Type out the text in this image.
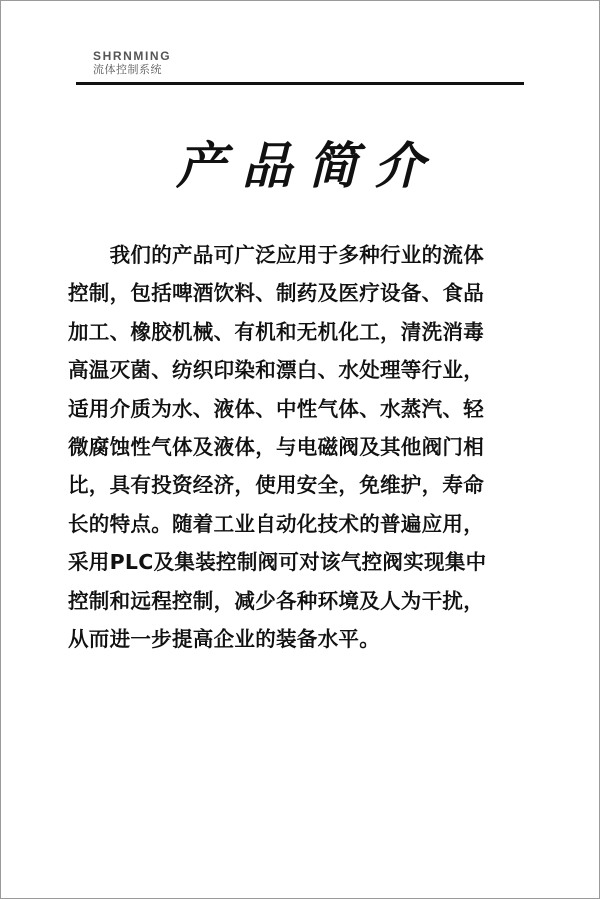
SHRNMING
流体控制系统
产品简介
　　我们的产品可广泛应用于多种行业的流体
控制，包括啤酒饮料、制药及医疗设备、食品
加工、橡胶机械、有机和无机化工，清洗消毒
高温灭菌、纺织印染和漂白、水处理等行业，
适用介质为水、液体、中性气体、水蒸汽、轻
微腐蚀性气体及液体，与电磁阀及其他阀门相
比，具有投资经济，使用安全，免维护，寿命
长的特点。随着工业自动化技术的普遍应用，
采用PLC及集装控制阀可对该气控阀实现集中
控制和远程控制，减少各种环境及人为干扰，
从而进一步提高企业的装备水平。
